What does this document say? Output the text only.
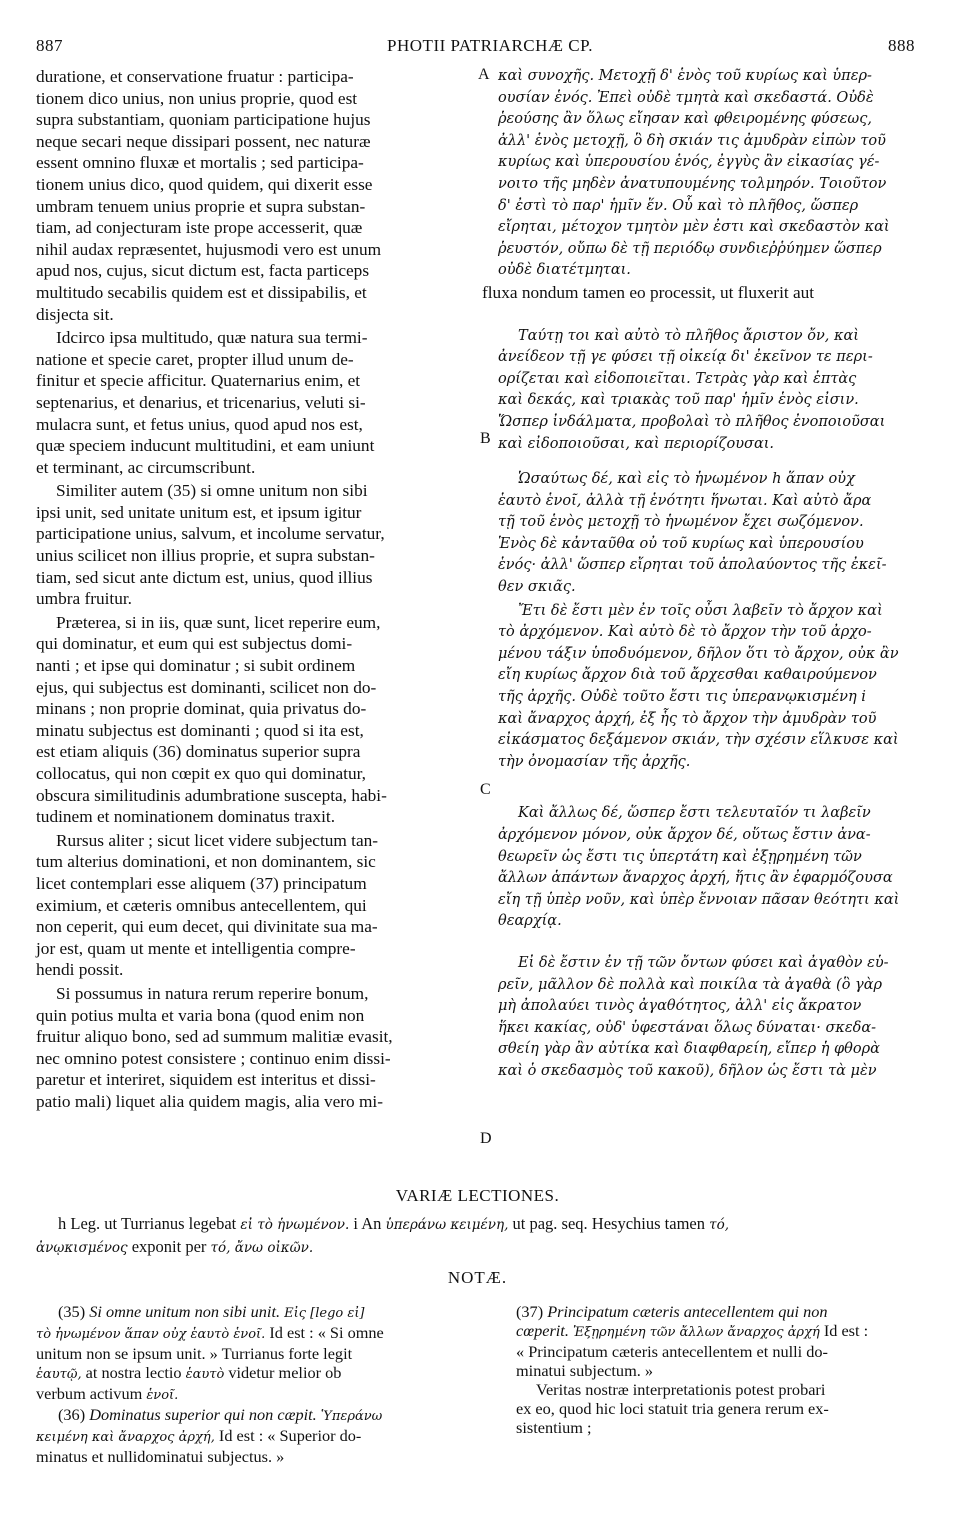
887	PHOTII PATRIARCHÆ CP.	888
A
B
C
D
duratione, et conservatione fruatur : participa-
tionem dico unius, non unius proprie, quod est
supra substantiam, quoniam participatione hujus
neque secari neque dissipari possent, nec naturæ
essent omnino fluxæ et mortalis ; sed participa-
tionem unius dico, quod quidem, qui dixerit esse
umbram tenuem unius proprie et supra substan-
tiam, ad conjecturam iste prope accesserit, quæ
nihil audax repræsentet, hujusmodi vero est unum
apud nos, cujus, sicut dictum est, facta particeps
multitudo secabilis quidem est et dissipabilis, et
disjecta sit.
Idcirco ipsa multitudo, quæ natura sua termi-
natione et specie caret, propter illud unum de-
finitur et specie afficitur. Quaternarius enim, et
septenarius, et denarius, et tricenarius, veluti si-
mulacra sunt, et fetus unius, quod apud nos est,
quæ speciem inducunt multitudini, et eam uniunt
et terminant, ac circumscribunt.
Similiter autem (35) si omne unitum non sibi
ipsi unit, sed unitate unitum est, et ipsum igitur
participatione unius, salvum, et incolume servatur,
unius scilicet non illius proprie, et supra substan-
tiam, sed sicut ante dictum est, unius, quod illius
umbra fruitur.
Præterea, si in iis, quæ sunt, licet reperire eum,
qui dominatur, et eum qui est subjectus domi-
nanti ; et ipse qui dominatur ; si subit ordinem
ejus, qui subjectus est dominanti, scilicet non do-
minans ; non proprie dominat, quia privatus do-
minatu subjectus est dominanti ; quod si ita est,
est etiam aliquis (36) dominatus superior supra
collocatus, qui non cœpit ex quo qui dominatur,
obscura similitudinis adumbratione suscepta, habi-
tudinem et nominationem dominatus traxit.
Rursus aliter ; sicut licet videre subjectum tan-
tum alterius dominationi, et non dominantem, sic
licet contemplari esse aliquem (37) principatum
eximium, et cæteris omnibus antecellentem, qui
non ceperit, qui eum decet, qui divinitate sua ma-
jor est, quam ut mente et intelligentia compre-
hendi possit.
Si possumus in natura rerum reperire bonum,
quin potius multa et varia bona (quod enim non
fruitur aliquo bono, sed ad summum malitiæ evasit,
nec omnino potest consistere ; continuo enim dissi-
paretur et interiret, siquidem est interitus et dissi-
patio mali) liquet alia quidem magis, alia vero mi-
καὶ συνοχῆς. Μετοχῇ δ' ἑνὸς τοῦ κυρίως καὶ ὑπερ-
ουσίαν ἑνός. Ἐπεὶ οὐδὲ τμητὰ καὶ σκεδαστά. Οὐδὲ
ῥεούσης ἂν ὅλως εἴησαν καὶ φθειρομένης φύσεως,
ἀλλ' ἑνὸς μετοχῇ, ὃ δὴ σκιάν τις ἀμυδρὰν εἰπὼν τοῦ
κυρίως καὶ ὑπερουσίου ἑνός, ἐγγὺς ἂν εἰκασίας γέ-
νοιτο τῆς μηδὲν ἀνατυπουμένης τολμηρόν. Τοιοῦτον
δ' ἐστὶ τὸ παρ' ἡμῖν ἕν. Οὗ καὶ τὸ πλῆθος, ὥσπερ
εἴρηται, μέτοχον τμητὸν μὲν ἐστι καὶ σκεδαστὸν καὶ
ῥευστόν, οὔπω δὲ τῇ περιόδῳ συνδιεῤῥύημεν ὥσπερ
οὐδὲ διατέτμηται.
fluxa nondum tamen eo processit, ut fluxerit aut
Ταύτῃ τοι καὶ αὐτὸ τὸ πλῆθος ἄριστον ὄν, καὶ
ἀνείδεον τῇ γε φύσει τῇ οἰκείᾳ δι' ἐκεῖνον τε περι-
ορίζεται καὶ εἰδοποιεῖται. Τετρὰς γὰρ καὶ ἑπτὰς
καὶ δεκάς, καὶ τριακὰς τοῦ παρ' ἡμῖν ἑνὸς εἰσιν.
Ὥσπερ ἰνδάλματα, προβολαὶ τὸ πλῆθος ἐνοποιοῦσαι
καὶ εἰδοποιοῦσαι, καὶ περιορίζουσαι.
Ὡσαύτως δέ, καὶ εἰς τὸ ἡνωμένον h ἅπαν οὐχ
ἑαυτὸ ἑνοῖ, ἀλλὰ τῇ ἑνότητι ἥνωται. Καὶ αὐτὸ ἄρα
τῇ τοῦ ἑνὸς μετοχῇ τὸ ἡνωμένον ἔχει σωζόμενον.
Ἑνὸς δὲ κἀνταῦθα οὐ τοῦ κυρίως καὶ ὑπερουσίου
ἑνός· ἀλλ' ὥσπερ εἴρηται τοῦ ἀπολαύοντος τῆς ἐκεῖ-
θεν σκιᾶς.
Ἔτι δὲ ἔστι μὲν ἐν τοῖς οὖσι λαβεῖν τὸ ἄρχον καὶ
τὸ ἀρχόμενον. Καὶ αὐτὸ δὲ τὸ ἄρχον τὴν τοῦ ἀρχο-
μένου τάξιν ὑποδυόμενον, δῆλον ὅτι τὸ ἄρχον, οὐκ ἂν
εἴη κυρίως ἄρχον διὰ τοῦ ἄρχεσθαι καθαιρούμενον
τῆς ἀρχῆς. Οὐδὲ τοῦτο ἔστι τις ὑπερανῳκισμένη i
καὶ ἄναρχος ἀρχή, ἐξ ἧς τὸ ἄρχον τὴν ἀμυδρὰν τοῦ
εἰκάσματος δεξάμενον σκιάν, τὴν σχέσιν εἵλκυσε καὶ
τὴν ὀνομασίαν τῆς ἀρχῆς.
Καὶ ἄλλως δέ, ὥσπερ ἔστι τελευταῖόν τι λαβεῖν
ἀρχόμενον μόνον, οὐκ ἄρχον δέ, οὕτως ἔστιν ἀνα-
θεωρεῖν ὡς ἔστι τις ὑπερτάτη καὶ ἐξῃρημένη τῶν
ἄλλων ἁπάντων ἄναρχος ἀρχή, ἥτις ἂν ἐφαρμόζουσα
εἴη τῇ ὑπὲρ νοῦν, καὶ ὑπὲρ ἔννοιαν πᾶσαν θεότητι καὶ
θεαρχίᾳ.
Εἰ δὲ ἔστιν ἐν τῇ τῶν ὄντων φύσει καὶ ἀγαθὸν εὑ-
ρεῖν, μᾶλλον δὲ πολλὰ καὶ ποικίλα τὰ ἀγαθὰ (ὃ γὰρ
μὴ ἀπολαύει τινὸς ἀγαθότητος, ἀλλ' εἰς ἄκρατον
ἥκει κακίας, οὐδ' ὑφεστάναι ὅλως δύναται· σκεδα-
σθείη γὰρ ἂν αὐτίκα καὶ διαφθαρείη, εἴπερ ἡ φθορὰ
καὶ ὁ σκεδασμὸς τοῦ κακοῦ), δῆλον ὡς ἔστι τὰ μὲν
VARIÆ LECTIONES.
h Leg. ut Turrianus legebat εἰ τὸ ἡνωμένον. i An ὑπεράνω κειμένη, ut pag. seq. Hesychius tamen τό,
ἀνῳκισμένος exponit per τό, ἄνω οἰκῶν.
NOTÆ.
(35) Si omne unitum non sibi unit. Εἰς [lego εἰ]
τὸ ἡνωμένον ἅπαν οὐχ ἑαυτὸ ἑνοῖ. Id est : « Si omne
unitum non se ipsum unit. » Turrianus forte legit
ἑαυτῷ, at nostra lectio ἑαυτὸ videtur melior ob
verbum activum ἑνοῖ.
(36) Dominatus superior qui non cæpit. Ὑπεράνω
κειμένη καὶ ἄναρχος ἀρχή, Id est : « Superior do-
minatus et nullidominatui subjectus. »
(37) Principatum cæteris antecellentem qui non
cœperit. Ἐξῃρημένη τῶν ἄλλων ἄναρχος ἀρχή Id est :
« Principatum cæteris antecellentem et nulli do-
minatui subjectum. »
Veritas nostræ interpretationis potest probari
ex eo, quod hic loci statuit tria genera rerum ex-
sistentium ;
